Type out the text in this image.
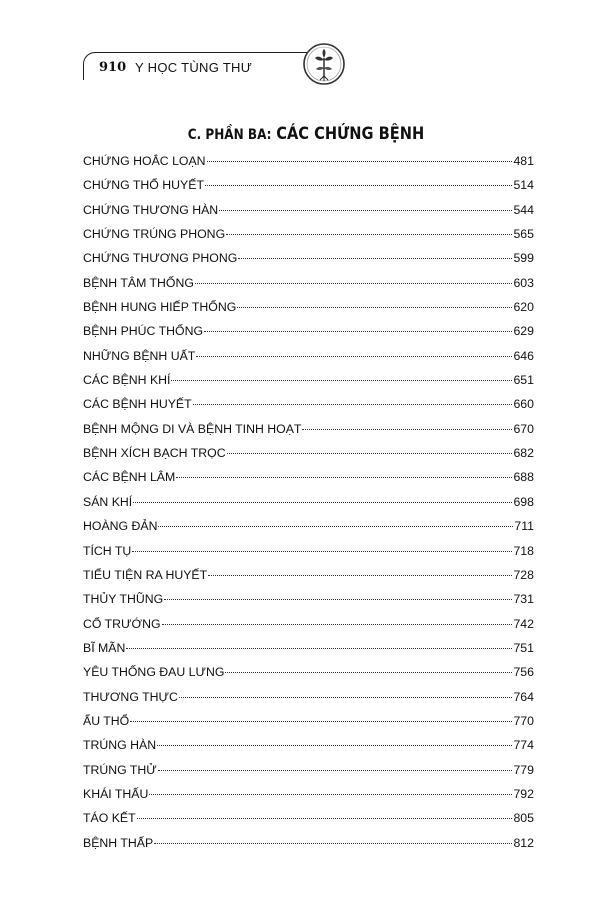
910 Y HỌC TÙNG THƯ
C. PHẦN BA: CÁC CHỨNG BỆNH
CHỨNG HOẮC LOẠN	481
CHỨNG THỔ HUYẾT	514
CHỨNG THƯƠNG HÀN	544
CHỨNG TRÚNG PHONG	565
CHỨNG THƯƠNG PHONG	599
BỆNH TÂM THỐNG	603
BỆNH HUNG HIẾP THỐNG	620
BỆNH PHÚC THỐNG	629
NHỮNG BỆNH UẤT	646
CÁC BỆNH KHÍ	651
CÁC BỆNH HUYẾT	660
BỆNH MỘNG DI VÀ BỆNH TINH HOẠT	670
BỆNH XÍCH BẠCH TRỌC	682
CÁC BỆNH LÂM	688
SÁN KHÍ	698
HOÀNG ĐẢN	711
TÍCH TỤ	718
TIỂU TIỆN RA HUYẾT	728
THỦY THŨNG	731
CỔ TRƯỚNG	742
BĨ MÃN	751
YÊU THỐNG ĐAU LƯNG	756
THƯƠNG THỰC	764
ẨU THỔ	770
TRÚNG HÀN	774
TRÚNG THỬ	779
KHÁI THẤU	792
TÁO KẾT	805
BỆNH THẤP	812
